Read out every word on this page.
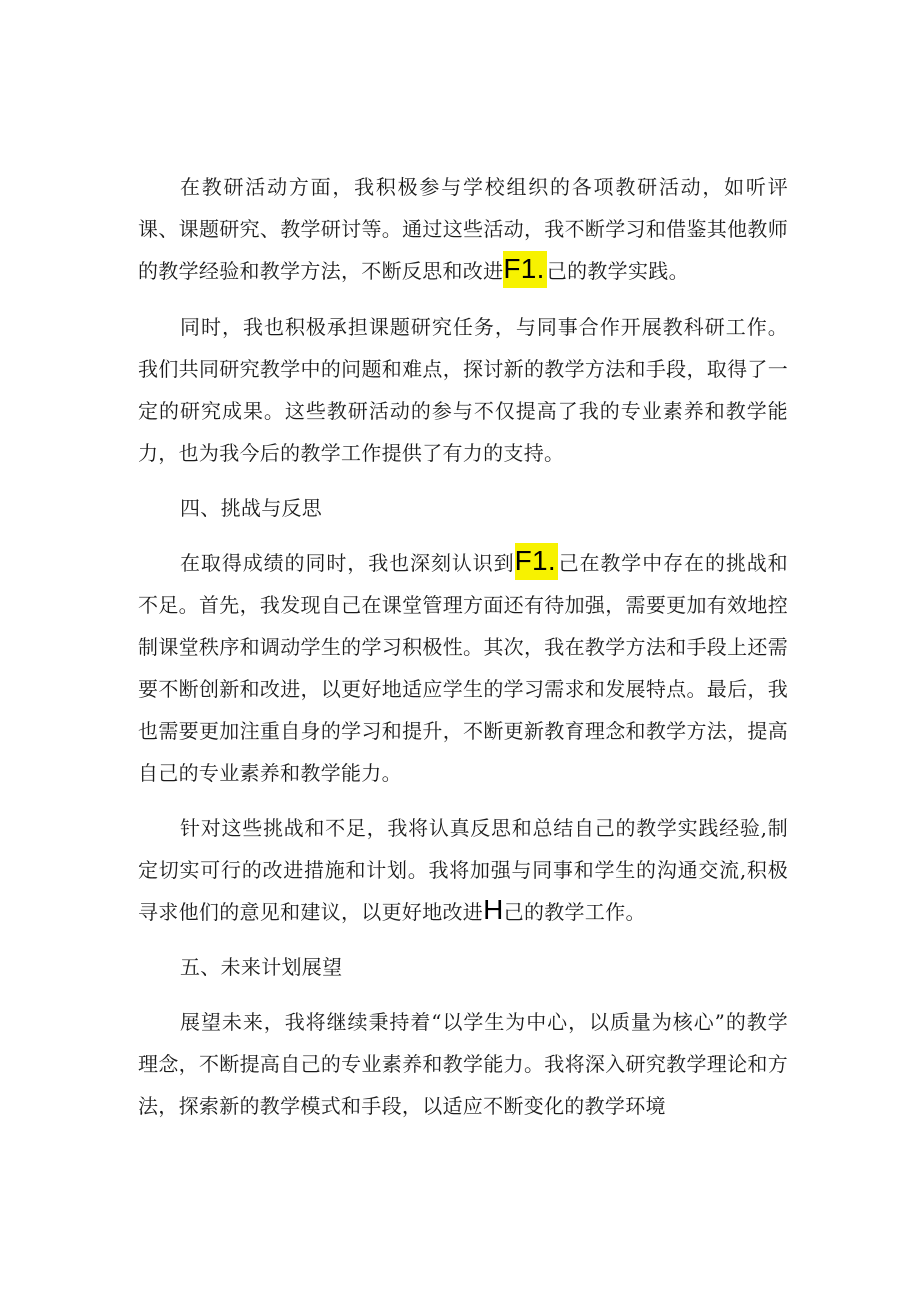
在教研活动方面，我积极参与学校组织的各项教研活动，如听评课、课题研究、教学研讨等。通过这些活动，我不断学习和借鉴其他教师的教学经验和教学方法，不断反思和改进F1. 己的教学实践。

同时，我也积极承担课题研究任务，与同事合作开展教科研工作。我们共同研究教学中的问题和难点，探讨新的教学方法和手段，取得了一定的研究成果。这些教研活动的参与不仅提高了我的专业素养和教学能力，也为我今后的教学工作提供了有力的支持。

四、挑战与反思

在取得成绩的同时，我也深刻认识到F1. 己在教学中存在的挑战和不足。首先，我发现自己在课堂管理方面还有待加强，需要更加有效地控制课堂秩序和调动学生的学习积极性。其次，我在教学方法和手段上还需要不断创新和改进，以更好地适应学生的学习需求和发展特点。最后，我也需要更加注重自身的学习和提升，不断更新教育理念和教学方法，提高自己的专业素养和教学能力。

针对这些挑战和不足，我将认真反思和总结自己的教学实践经验,制定切实可行的改进措施和计划。我将加强与同事和学生的沟通交流,积极寻求他们的意见和建议，以更好地改进H己的教学工作。

五、未来计划展望

展望未来，我将继续秉持着“以学生为中心，以质量为核心”的教学理念，不断提高自己的专业素养和教学能力。我将深入研究教学理论和方法，探索新的教学模式和手段，以适应不断变化的教学环境
